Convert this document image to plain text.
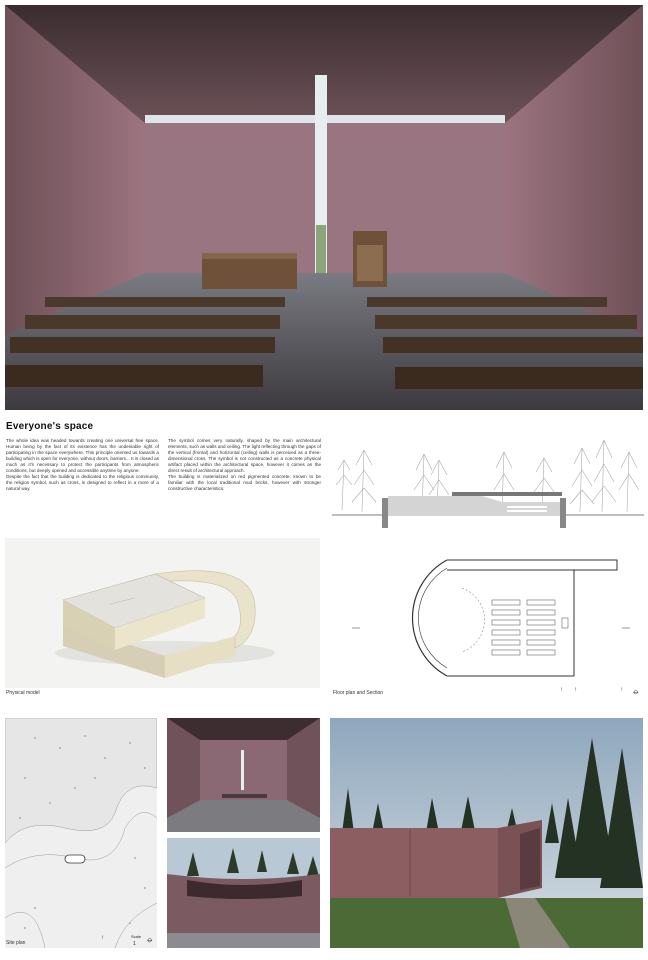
Everyone's space
The whole idea was headed towards creating one universal free space. Human being by the fact of its existence has the undeniable right of participating in the space everywhere. This principle oriented us towards a building which is open for everyone, without doors, barriers... It is closed as much as it's necessary to protect the participants from atmospheric conditions, but deeply opened and accessible anytime by anyone.
Despite the fact that the building is dedicated to the religious community, the religion symbol, such as cross, is designed to reflect in a more of a natural way.
The symbol comes very naturally, shaped by the main architectural elements, such as walls and ceiling. The light reflecting through the gaps of the vertical (frontal) and horizontal (ceiling) walls is perceived as a three-dimensional cross. The symbol is not constructed as a concrete physical artifact placed within the architectural space, however it comes as the direct result of architectural approach.
The building is materialized on red pigmented concrete, known to be familiar with the local traditional mud bricks, however with stronger constructive characteristics.
Physical model	Floor plan and Section	↑ ↑	↑ ⦵
Site plan
↑	Scale
1 ⦵
